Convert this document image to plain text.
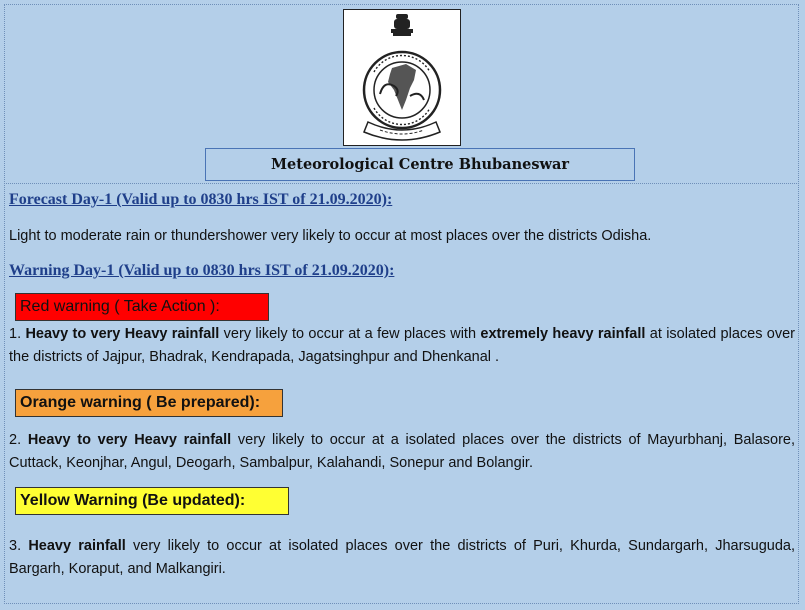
Meteorological Centre Bhubaneswar
Forecast Day-1 (Valid up to 0830 hrs IST of 21.09.2020):
Light to moderate rain or thundershower very likely to occur at most places over the districts Odisha.
Warning Day-1 (Valid up to 0830 hrs IST of 21.09.2020):
Red warning ( Take Action ):
1. Heavy to very Heavy rainfall very likely to occur at a few places with extremely heavy rainfall at isolated places over the districts of Jajpur, Bhadrak, Kendrapada, Jagatsinghpur and Dhenkanal .
Orange warning ( Be prepared):
2. Heavy to very Heavy rainfall very likely to occur at a isolated places over the districts of Mayurbhanj, Balasore, Cuttack, Keonjhar, Angul, Deogarh, Sambalpur, Kalahandi, Sonepur and Bolangir.
Yellow Warning (Be updated):
3. Heavy rainfall very likely to occur at isolated places over the districts of Puri, Khurda, Sundargarh, Jharsuguda, Bargarh, Koraput, and Malkangiri.
